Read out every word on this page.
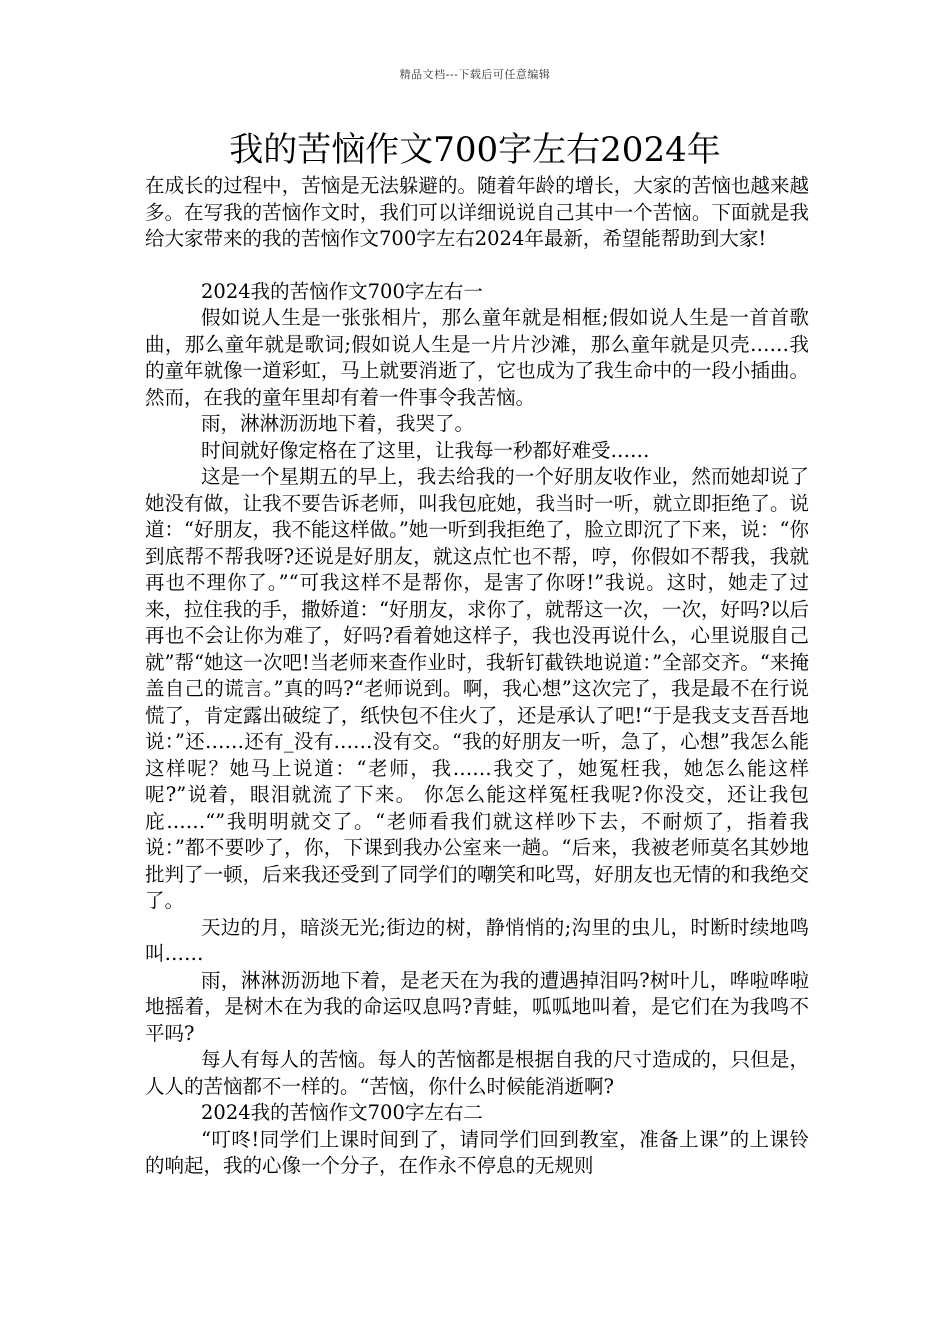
精品文档---下载后可任意编辑
我的苦恼作文700字左右2024年

在成长的过程中，苦恼是无法躲避的。随着年龄的增长，大家的苦恼也越来越多。在写我的苦恼作文时，我们可以详细说说自己其中一个苦恼。下面就是我给大家带来的我的苦恼作文700字左右2024年最新，希望能帮助到大家!

2024我的苦恼作文700字左右一

假如说人生是一张张相片，那么童年就是相框;假如说人生是一首首歌曲，那么童年就是歌词;假如说人生是一片片沙滩，那么童年就是贝壳……我的童年就像一道彩虹，马上就要消逝了，它也成为了我生命中的一段小插曲。然而，在我的童年里却有着一件事令我苦恼。

雨，淋淋沥沥地下着，我哭了。

时间就好像定格在了这里，让我每一秒都好难受……

这是一个星期五的早上，我去给我的一个好朋友收作业，然而她却说了她没有做，让我不要告诉老师，叫我包庇她，我当时一听，就立即拒绝了。说道：“好朋友，我不能这样做。”她一听到我拒绝了，脸立即沉了下来，说：“你到底帮不帮我呀?还说是好朋友，就这点忙也不帮，哼，你假如不帮我，我就再也不理你了。”“可我这样不是帮你，是害了你呀!”我说。这时，她走了过来，拉住我的手，撒娇道：“好朋友，求你了，就帮这一次，一次，好吗?以后再也不会让你为难了，好吗?看着她这样子，我也没再说什么，心里说服自己就”帮“她这一次吧!当老师来查作业时，我斩钉截铁地说道：”全部交齐。“来掩盖自己的谎言。”真的吗?“老师说到。啊，我心想”这次完了，我是最不在行说慌了，肯定露出破绽了，纸快包不住火了，还是承认了吧!“于是我支支吾吾地说：”还……还有_没有……没有交。“我的好朋友一听，急了，心想”我怎么能这样呢？她马上说道：“老师，我……我交了，她冤枉我，她怎么能这样呢?”说着，眼泪就流了下来。 你怎么能这样冤枉我呢?你没交，还让我包庇……“”我明明就交了。“老师看我们就这样吵下去，不耐烦了，指着我说：”都不要吵了，你，下课到我办公室来一趟。“后来，我被老师莫名其妙地批判了一顿，后来我还受到了同学们的嘲笑和叱骂，好朋友也无情的和我绝交了。

天边的月，暗淡无光;街边的树，静悄悄的;沟里的虫儿，时断时续地鸣叫……

雨，淋淋沥沥地下着，是老天在为我的遭遇掉泪吗?树叶儿，哗啦哗啦地摇着，是树木在为我的命运叹息吗?青蛙，呱呱地叫着，是它们在为我鸣不平吗?

每人有每人的苦恼。每人的苦恼都是根据自我的尺寸造成的，只但是，人人的苦恼都不一样的。“苦恼，你什么时候能消逝啊?

2024我的苦恼作文700字左右二

“叮咚!同学们上课时间到了，请同学们回到教室，准备上课”的上课铃的响起，我的心像一个分子，在作永不停息的无规则
